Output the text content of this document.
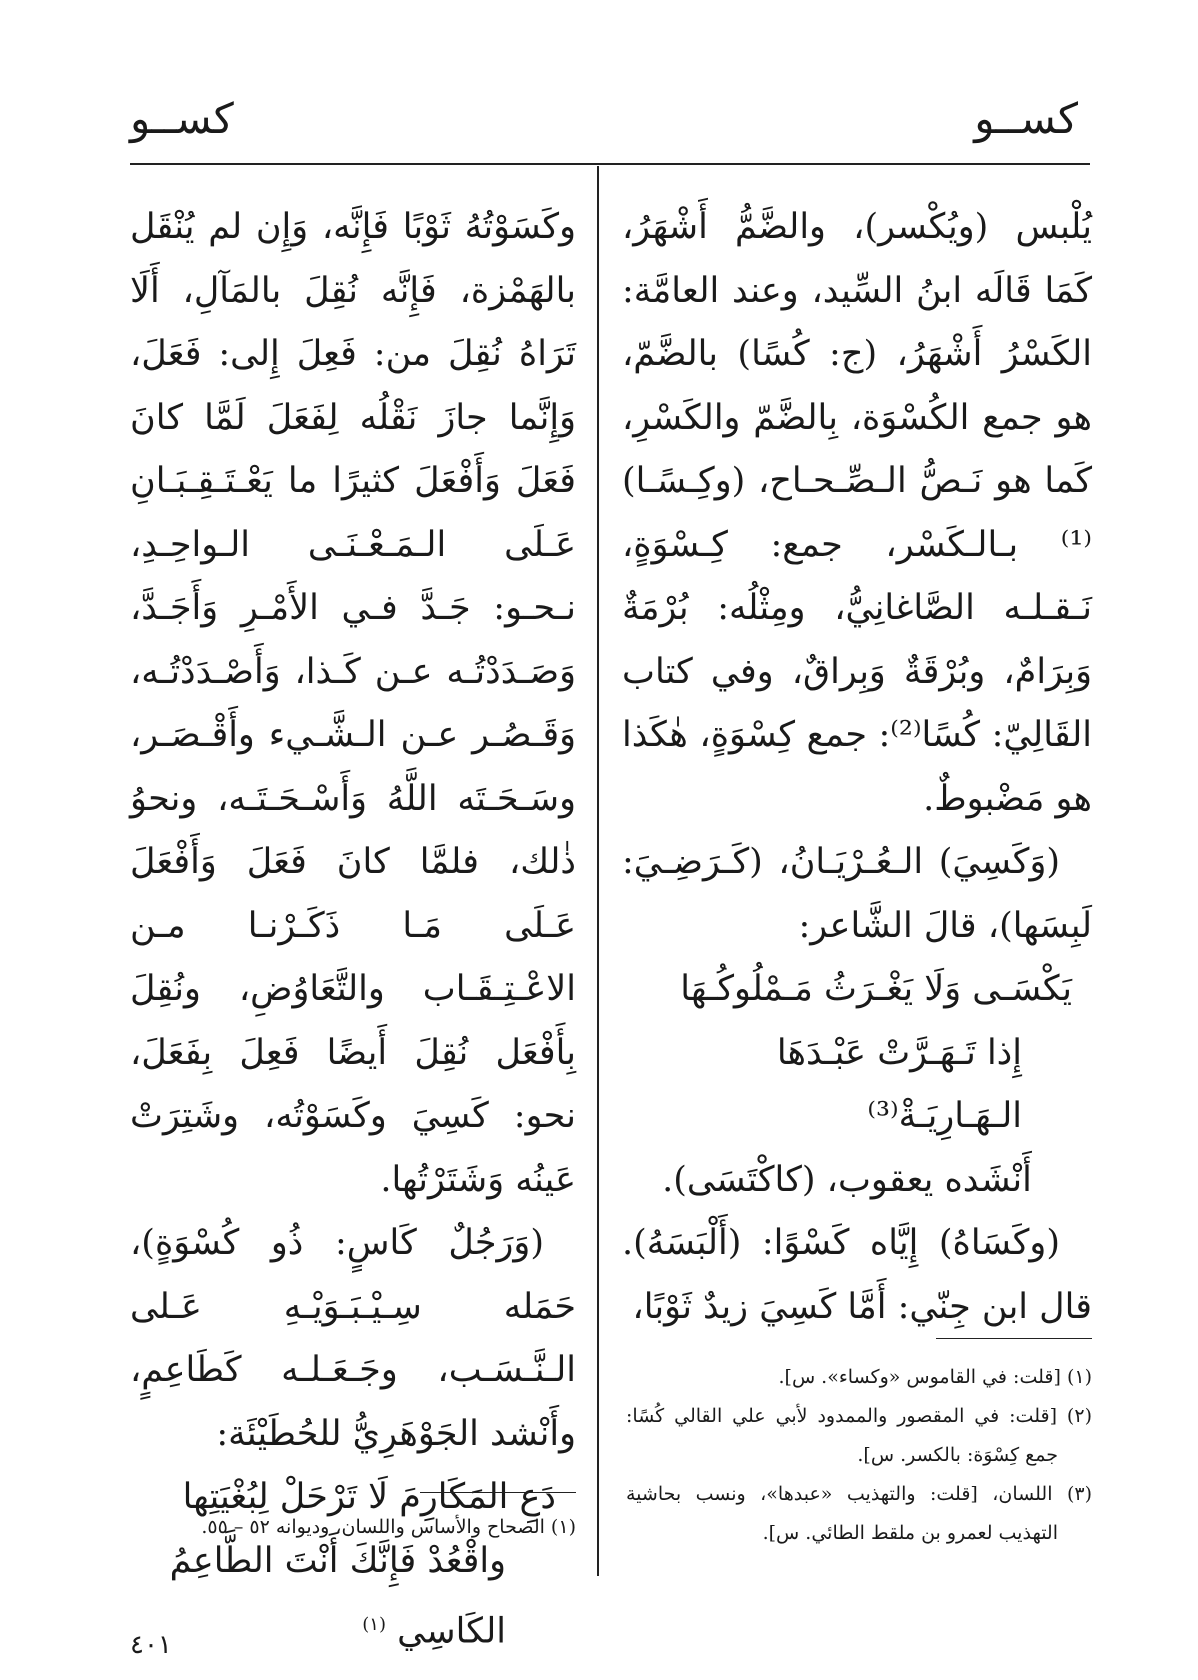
كســو
كســو

يُلْبس (ويُكْسر)، والضَّمُّ أَشْهَرُ، كَمَا قَالَه ابنُ السِّيد، وعند العامَّة: الكَسْرُ أَشْهَرُ، (ج: كُسًا) بالضَّمّ، هو جمع الكُسْوَة، بِالضَّمّ والكَسْرِ، كَما هو نَـصُّ الـصِّـحـاح، (وكِـسًـا)⁽¹⁾ بـالـكَسْر، جمع: كِـسْوَةٍ، نَـقـلـه الصَّاغانِيُّ، ومِثْلُه: بُرْمَةٌ وَبِرَامٌ، وبُرْقَةٌ وَبِراقٌ، وفي كتاب القَالِيّ: كُسًا⁽²⁾: جمع كِسْوَةٍ، هٰكَذا هو مَضْبوطٌ.

(وَكَسِيَ) الـعُـرْيَـانُ، (كَـرَضِـيَ: لَبِسَها)، قالَ الشَّاعر:

يَكْسَـى وَلَا يَغْـرَثُ مَـمْلُوكُـهَا

إِذا تَـهَـرَّتْ عَبْـدَهَا الـهَـارِيَـةْ⁽³⁾

أَنْشَده يعقوب، (كاكْتَسَى).

(وكَسَاهُ) إِيَّاه كَسْوًا: (أَلْبَسَهُ). قال ابن جِنّي: أَمَّا كَسِيَ زيدٌ ثَوْبًا،

وكَسَوْتُهُ ثَوْبًا فَإِنَّه، وَإِن لم يُنْقَل بالهَمْزة، فَإِنَّه نُقِلَ بالمَآلِ، أَلَا تَرَاهُ نُقِلَ من: فَعِلَ إِلى: فَعَلَ، وَإِنَّما جازَ نَقْلُه لِفَعَلَ لَمَّا كانَ فَعَلَ وَأَفْعَلَ كثيرًا ما يَعْـتَـقِـبَـانِ عَـلَى الـمَـعْـنَـى الـواحِـدِ، نـحـو: جَـدَّ فـي الأَمْـرِ وَأَجَـدَّ، وَصَـدَدْتُـه عـن كَـذا، وَأَصْـدَدْتُـه، وَقَـصُـر عـن الـشَّـيء وأَقْـصَـر، وسَـحَـتَه اللَّهُ وَأَسْـحَـتَـه، ونحوُ ذٰلك، فلمَّا كانَ فَعَلَ وَأَفْعَلَ عَـلَى مَـا ذَكَـرْنـا مـن الاعْـتِـقَـاب والتَّعَاوُضِ، ونُقِلَ بِأَفْعَل نُقِلَ أَيضًا فَعِلَ بِفَعَلَ، نحو: كَسِيَ وكَسَوْتُه، وشَتِرَتْ عَينُه وَشَتَرْتُها.

(وَرَجُلٌ كَاسٍ: ذُو كُسْوَةٍ)، حَمَله سِـيْـبَـوَيْـهِ عَـلى الـنَّـسَـب، وجَـعَـلـه كَطَاعِمٍ، وأَنْشد الجَوْهَرِيُّ للحُطَيْئَة:

دَعِ المَكَارِمَ لَا تَرْحَلْ لِبُغْيَتِها

واقْعُدْ فَإِنَّكَ أَنْتَ الطَّاعِمُ الكَاسِي $^{(١)}$

(١) [قلت: في القاموس «وكساء». س].

(٢) [قلت: في المقصور والممدود لأبي علي القالي كُسًا: جمع كِسْوَة: بالكسر. س].

(٣) اللسان، [قلت: والتهذيب «عبدها»، ونسب بحاشية التهذيب لعمرو بن ملقط الطائي. س].

(١) الصحاح والأساس واللسان، وديوانه ٥٢ – ٥٥.

٤٠١
